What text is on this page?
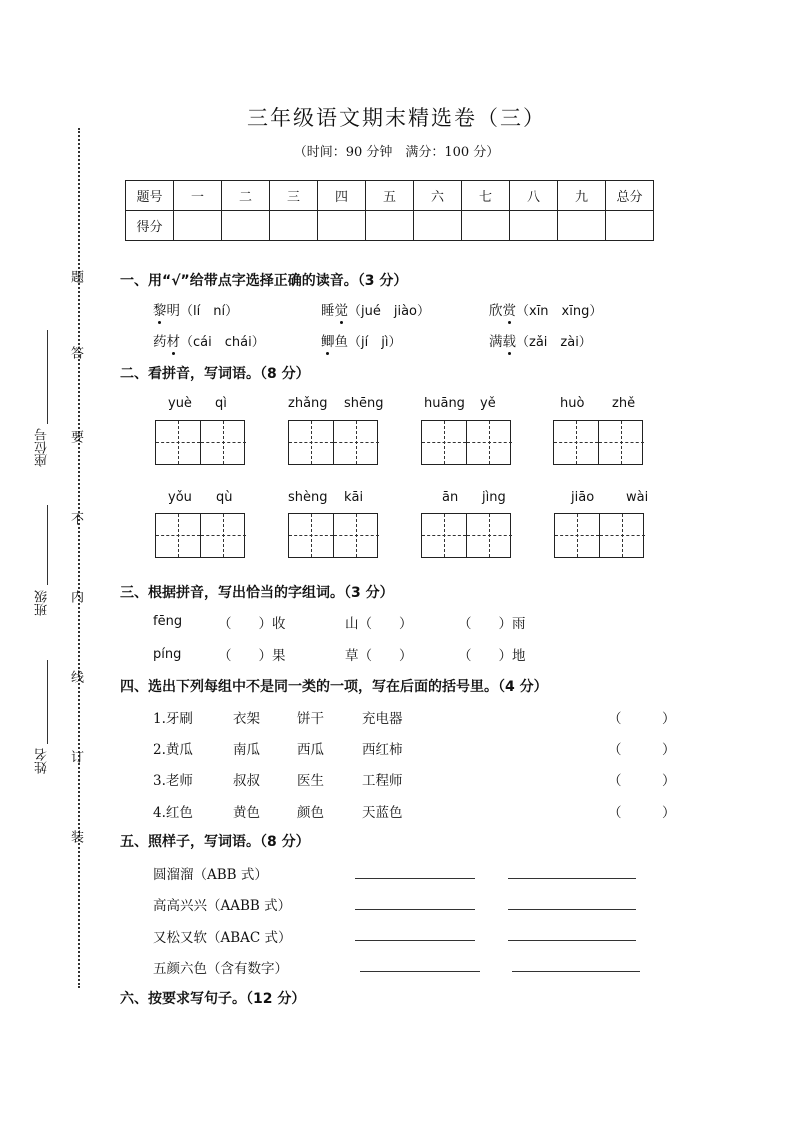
题
答
要
不
内
线
订
装
座位号
班级
姓名
三年级语文期末精选卷（三）
（时间：90 分钟　满分：100 分）
题号	一	二	三	四	五	六	七	八	九	总分
得分										
一、用“√”给带点字选择正确的读音。（3 分）
黎明（lí　ní）	睡觉（jué　jiào）	欣赏（xīn　xīng）
药材（cái　chái）	鲫鱼（jí　jì）	满载（zǎi　zài）
二、看拼音，写词语。（8 分）
yuè qì	zhǎng shēng	huāng yě	huò zhě
yǒu qù	shèng kāi	ān jìng	jiāo wài
三、根据拼音，写出恰当的字组词。（3 分）
fēng	（　　）收	山（　　）	（　　）雨
píng	（　　）果	草（　　）	（　　）地
四、选出下列每组中不是同一类的一项，写在后面的括号里。（4 分）
1.牙刷	衣架	饼干	充电器	（　　　）
2.黄瓜	南瓜	西瓜	西红柿	（　　　）
3.老师	叔叔	医生	工程师	（　　　）
4.红色	黄色	颜色	天蓝色	（　　　）
五、照样子，写词语。（8 分）
圆溜溜（ABB 式）
高高兴兴（AABB 式）
又松又软（ABAC 式）
五颜六色（含有数字）
六、按要求写句子。（12 分）
